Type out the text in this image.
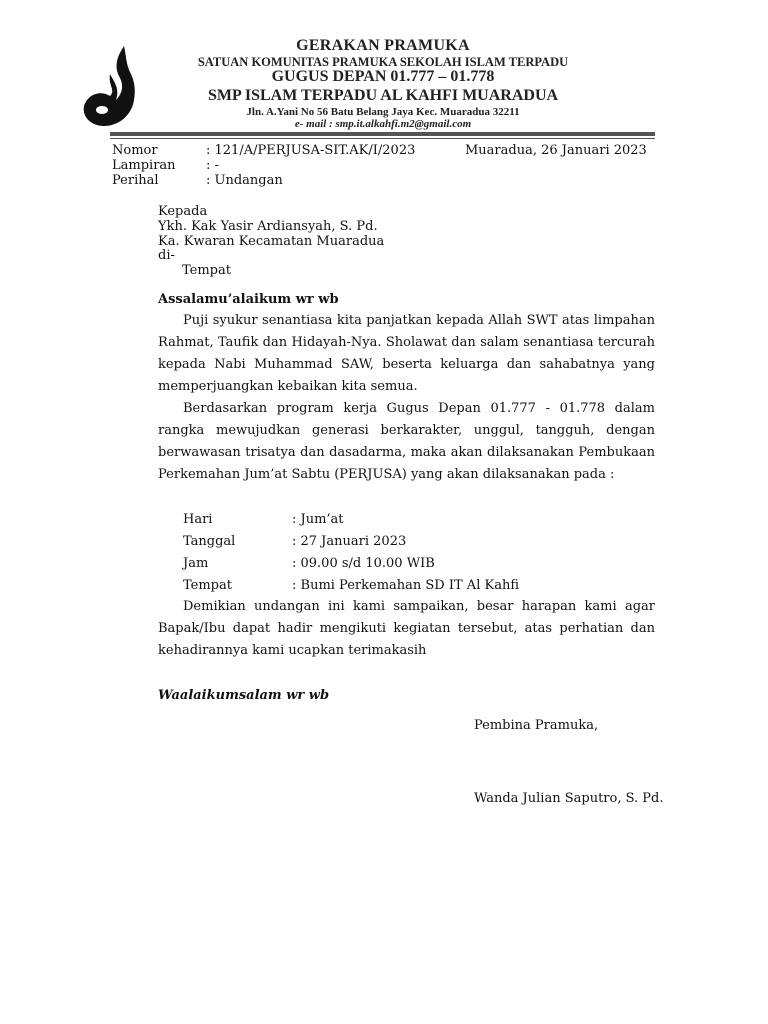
GERAKAN PRAMUKA
SATUAN KOMUNITAS PRAMUKA SEKOLAH ISLAM TERPADU
GUGUS DEPAN 01.777 – 01.778
SMP ISLAM TERPADU AL KAHFI MUARADUA
Jln. A.Yani No 56 Batu Belang Jaya Kec. Muaradua 32211
e- mail : smp.it.alkahfi.m2@gmail.com
Nomor	: 121/A/PERJUSA-SIT.AK/I/2023	Muaradua, 26 Januari 2023
Lampiran : -
Perihal	: Undangan
Kepada
Ykh. Kak Yasir Ardiansyah, S. Pd.
Ka. Kwaran Kecamatan Muaradua
di-
Tempat
Assalamu’alaikum wr wb

Puji syukur senantiasa kita panjatkan kepada Allah SWT atas limpahan Rahmat, Taufik dan Hidayah-Nya. Sholawat dan salam senantiasa tercurah kepada Nabi Muhammad SAW, beserta keluarga dan sahabatnya yang memperjuangkan kebaikan kita semua.

Berdasarkan program kerja Gugus Depan 01.777 - 01.778 dalam rangka mewujudkan generasi berkarakter, unggul, tangguh, dengan berwawasan trisatya dan dasadarma, maka akan dilaksanakan Pembukaan Perkemahan Jum’at Sabtu (PERJUSA) yang akan dilaksanakan pada :

Hari	: Jum’at
Tanggal	: 27 Januari 2023
Jam	: 09.00 s/d 10.00 WIB
Tempat	: Bumi Perkemahan SD IT Al Kahfi

Demikian undangan ini kami sampaikan, besar harapan kami agar Bapak/Ibu dapat hadir mengikuti kegiatan tersebut, atas perhatian dan kehadirannya kami ucapkan terimakasih

Waalaikumsalam wr wb
Pembina Pramuka,
Wanda Julian Saputro, S. Pd.
